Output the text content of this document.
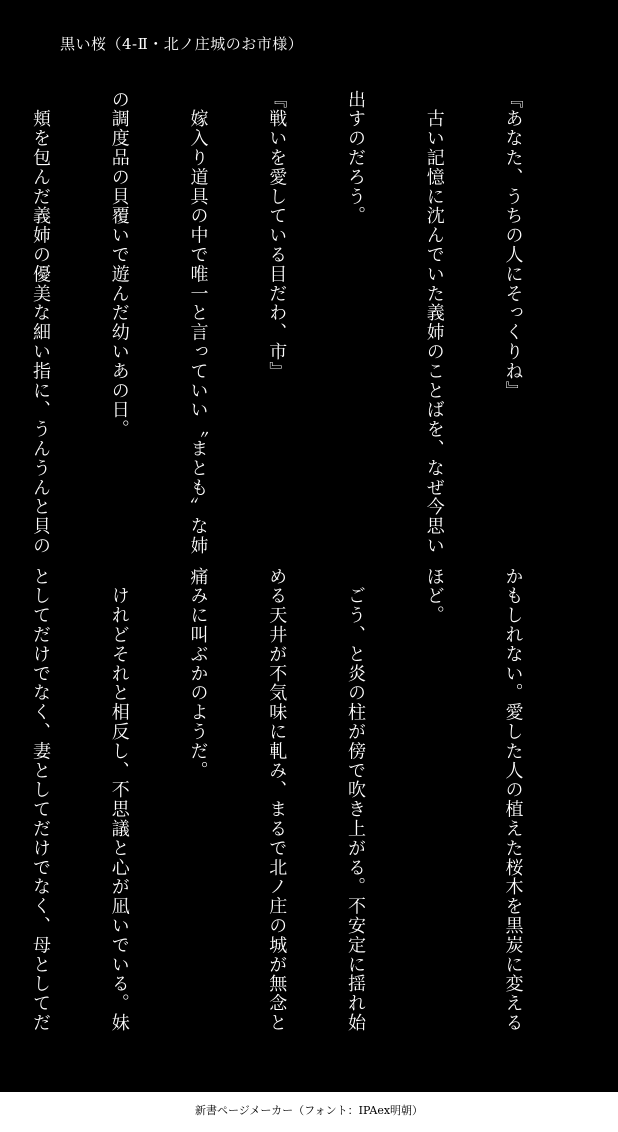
黒い桜（4-Ⅱ・北ノ庄城のお市様）

『あなた、うちの人にそっくりね』

　古い記憶に沈んでいた義姉のことばを、なぜ今思い

出すのだろう。

『戦いを愛している目だわ、市』

　嫁入り道具の中で唯一と言っていい〝まとも〟な姉

の調度品の貝覆いで遊んだ幼いあの日。

　頬を包んだ義姉の優美な細い指に、うんうんと貝の

かもしれない。愛した人の植えた桜木を黒炭に変える

ほど。

　ごう、と炎の柱が傍で吹き上がる。不安定に揺れ始

める天井が不気味に軋み、まるで北ノ庄の城が無念と

痛みに叫ぶかのようだ。

　けれどそれと相反し、不思議と心が凪いでいる。妹

としてだけでなく、妻としてだけでなく、母としてだ

新書ページメーカー（フォント：IPAex明朝）
